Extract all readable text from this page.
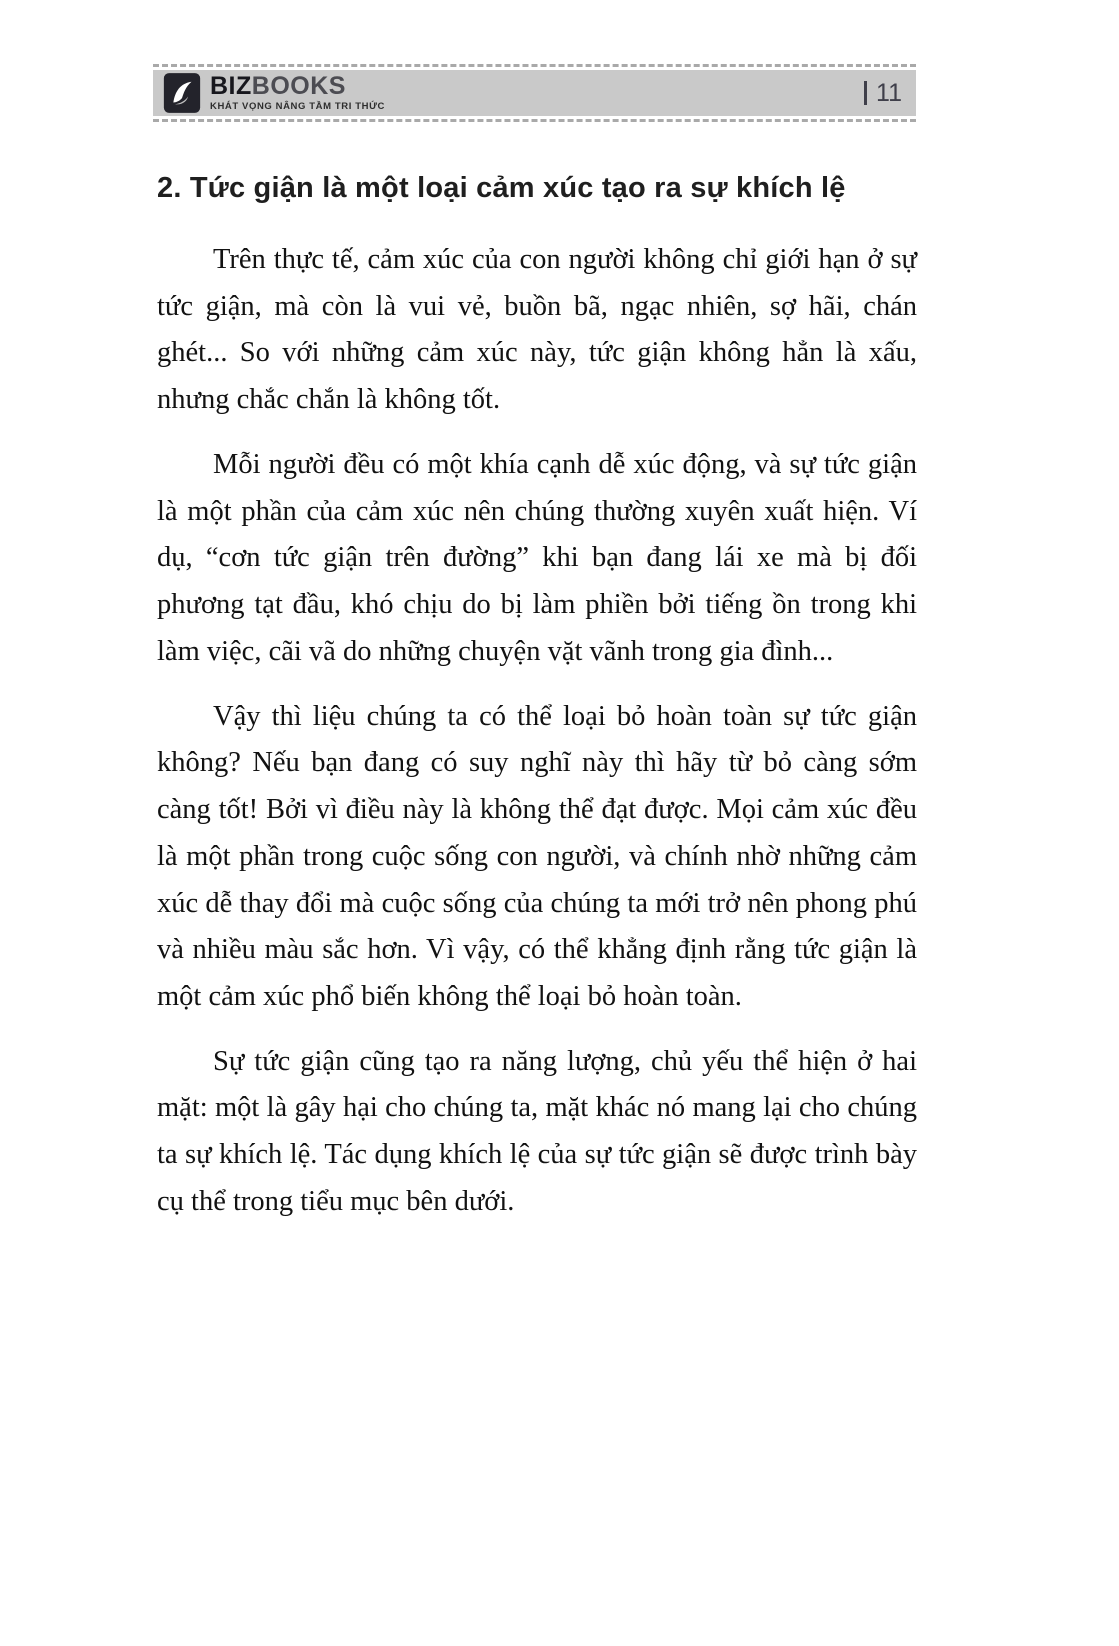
BIZBOOKS
KHÁT VỌNG NÂNG TẦM TRI THỨC
11
2. Tức giận là một loại cảm xúc tạo ra sự khích lệ

Trên thực tế, cảm xúc của con người không chỉ giới hạn ở sự tức giận, mà còn là vui vẻ, buồn bã, ngạc nhiên, sợ hãi, chán ghét... So với những cảm xúc này, tức giận không hẳn là xấu, nhưng chắc chắn là không tốt.

Mỗi người đều có một khía cạnh dễ xúc động, và sự tức giận là một phần của cảm xúc nên chúng thường xuyên xuất hiện. Ví dụ, “cơn tức giận trên đường” khi bạn đang lái xe mà bị đối phương tạt đầu, khó chịu do bị làm phiền bởi tiếng ồn trong khi làm việc, cãi vã do những chuyện vặt vãnh trong gia đình...

Vậy thì liệu chúng ta có thể loại bỏ hoàn toàn sự tức giận không? Nếu bạn đang có suy nghĩ này thì hãy từ bỏ càng sớm càng tốt! Bởi vì điều này là không thể đạt được. Mọi cảm xúc đều là một phần trong cuộc sống con người, và chính nhờ những cảm xúc dễ thay đổi mà cuộc sống của chúng ta mới trở nên phong phú và nhiều màu sắc hơn. Vì vậy, có thể khẳng định rằng tức giận là một cảm xúc phổ biến không thể loại bỏ hoàn toàn.

Sự tức giận cũng tạo ra năng lượng, chủ yếu thể hiện ở hai mặt: một là gây hại cho chúng ta, mặt khác nó mang lại cho chúng ta sự khích lệ. Tác dụng khích lệ của sự tức giận sẽ được trình bày cụ thể trong tiểu mục bên dưới.
